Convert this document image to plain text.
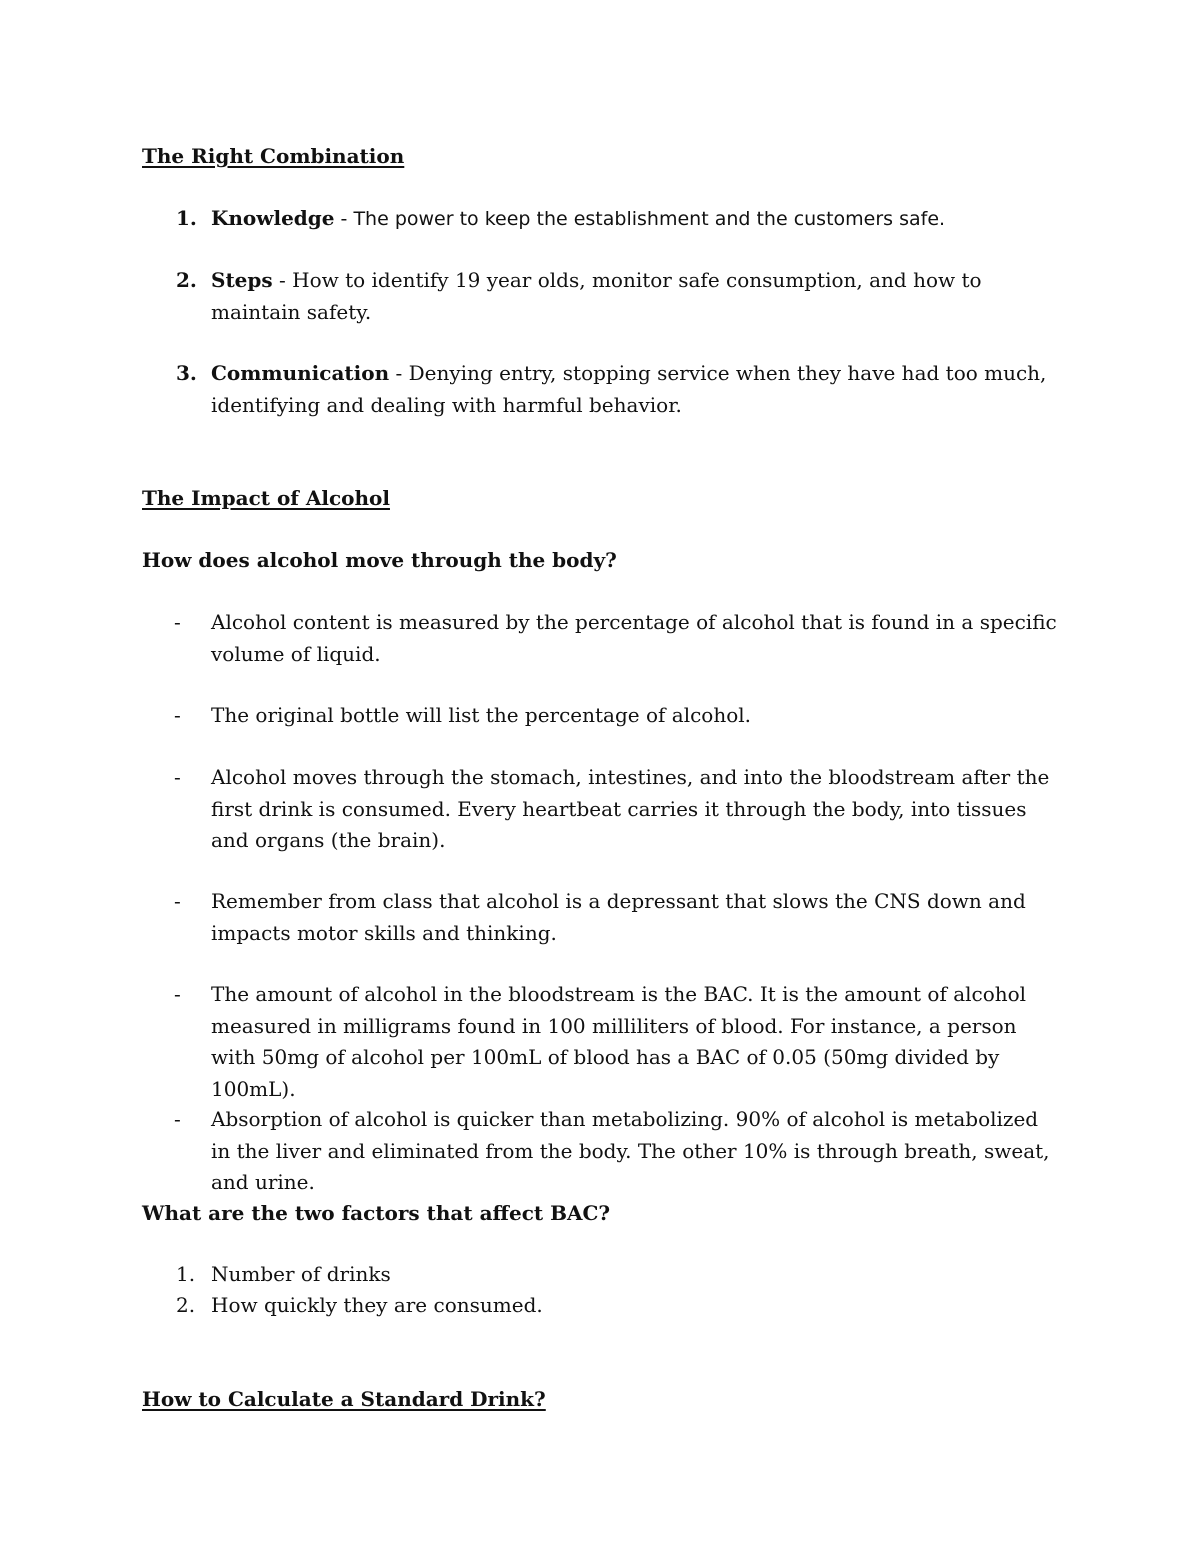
The Right Combination
1. Knowledge - The power to keep the establishment and the customers safe.
2. Steps - How to identify 19 year olds, monitor safe consumption, and how to maintain safety.
3. Communication - Denying entry, stopping service when they have had too much, identifying and dealing with harmful behavior.
The Impact of Alcohol
How does alcohol move through the body?
- Alcohol content is measured by the percentage of alcohol that is found in a specific volume of liquid.
- The original bottle will list the percentage of alcohol.
- Alcohol moves through the stomach, intestines, and into the bloodstream after the first drink is consumed. Every heartbeat carries it through the body, into tissues and organs (the brain).
- Remember from class that alcohol is a depressant that slows the CNS down and impacts motor skills and thinking.
- The amount of alcohol in the bloodstream is the BAC. It is the amount of alcohol measured in milligrams found in 100 milliliters of blood. For instance, a person with 50mg of alcohol per 100mL of blood has a BAC of 0.05 (50mg divided by 100mL).
- Absorption of alcohol is quicker than metabolizing. 90% of alcohol is metabolized in the liver and eliminated from the body. The other 10% is through breath, sweat, and urine.
What are the two factors that affect BAC?
1. Number of drinks
2. How quickly they are consumed.
How to Calculate a Standard Drink?
